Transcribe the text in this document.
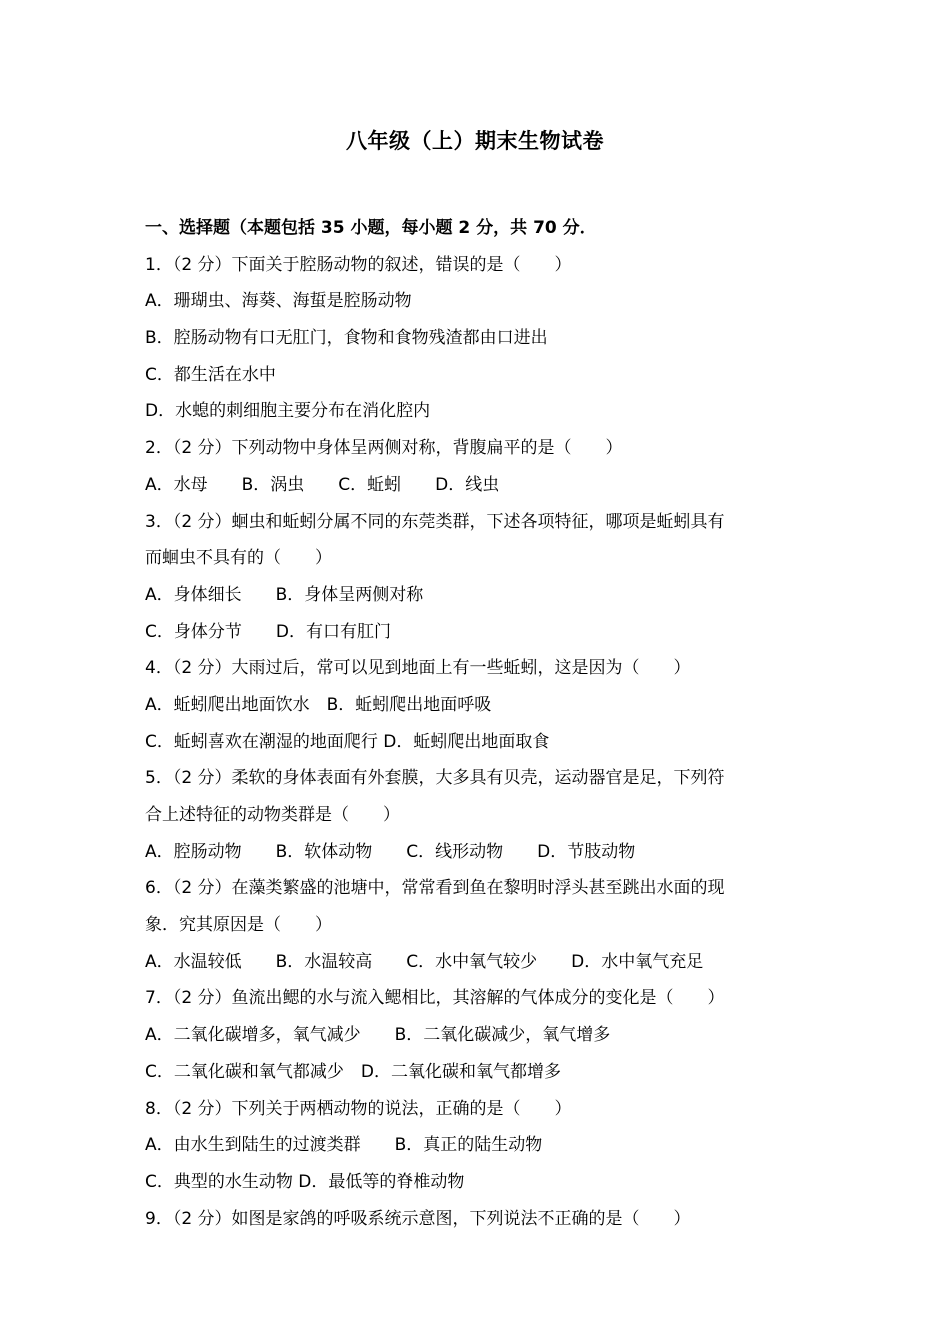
八年级（上）期末生物试卷
一、选择题（本题包括 35 小题，每小题 2 分，共 70 分．
1．（2 分）下面关于腔肠动物的叙述，错误的是（　　）
A．珊瑚虫、海葵、海蜇是腔肠动物
B．腔肠动物有口无肛门，食物和食物残渣都由口进出
C．都生活在水中
D．水螅的刺细胞主要分布在消化腔内
2．（2 分）下列动物中身体呈两侧对称，背腹扁平的是（　　）
A．水母　　B．涡虫　　C．蚯蚓　　D．线虫
3．（2 分）蛔虫和蚯蚓分属不同的东莞类群，下述各项特征，哪项是蚯蚓具有
而蛔虫不具有的（　　）
A．身体细长　　B．身体呈两侧对称
C．身体分节　　D．有口有肛门
4．（2 分）大雨过后，常可以见到地面上有一些蚯蚓，这是因为（　　）
A．蚯蚓爬出地面饮水　B．蚯蚓爬出地面呼吸
C．蚯蚓喜欢在潮湿的地面爬行 D．蚯蚓爬出地面取食
5．（2 分）柔软的身体表面有外套膜，大多具有贝壳，运动器官是足，下列符
合上述特征的动物类群是（　　）
A．腔肠动物　　B．软体动物　　C．线形动物　　D．节肢动物
6．（2 分）在藻类繁盛的池塘中，常常看到鱼在黎明时浮头甚至跳出水面的现
象．究其原因是（　　）
A．水温较低　　B．水温较高　　C．水中氧气较少　　D．水中氧气充足
7．（2 分）鱼流出鳃的水与流入鳃相比，其溶解的气体成分的变化是（　　）
A．二氧化碳增多，氧气减少　　B．二氧化碳减少，氧气增多
C．二氧化碳和氧气都减少　D．二氧化碳和氧气都增多
8．（2 分）下列关于两栖动物的说法，正确的是（　　）
A．由水生到陆生的过渡类群　　B．真正的陆生动物
C．典型的水生动物 D．最低等的脊椎动物
9．（2 分）如图是家鸽的呼吸系统示意图，下列说法不正确的是（　　）
